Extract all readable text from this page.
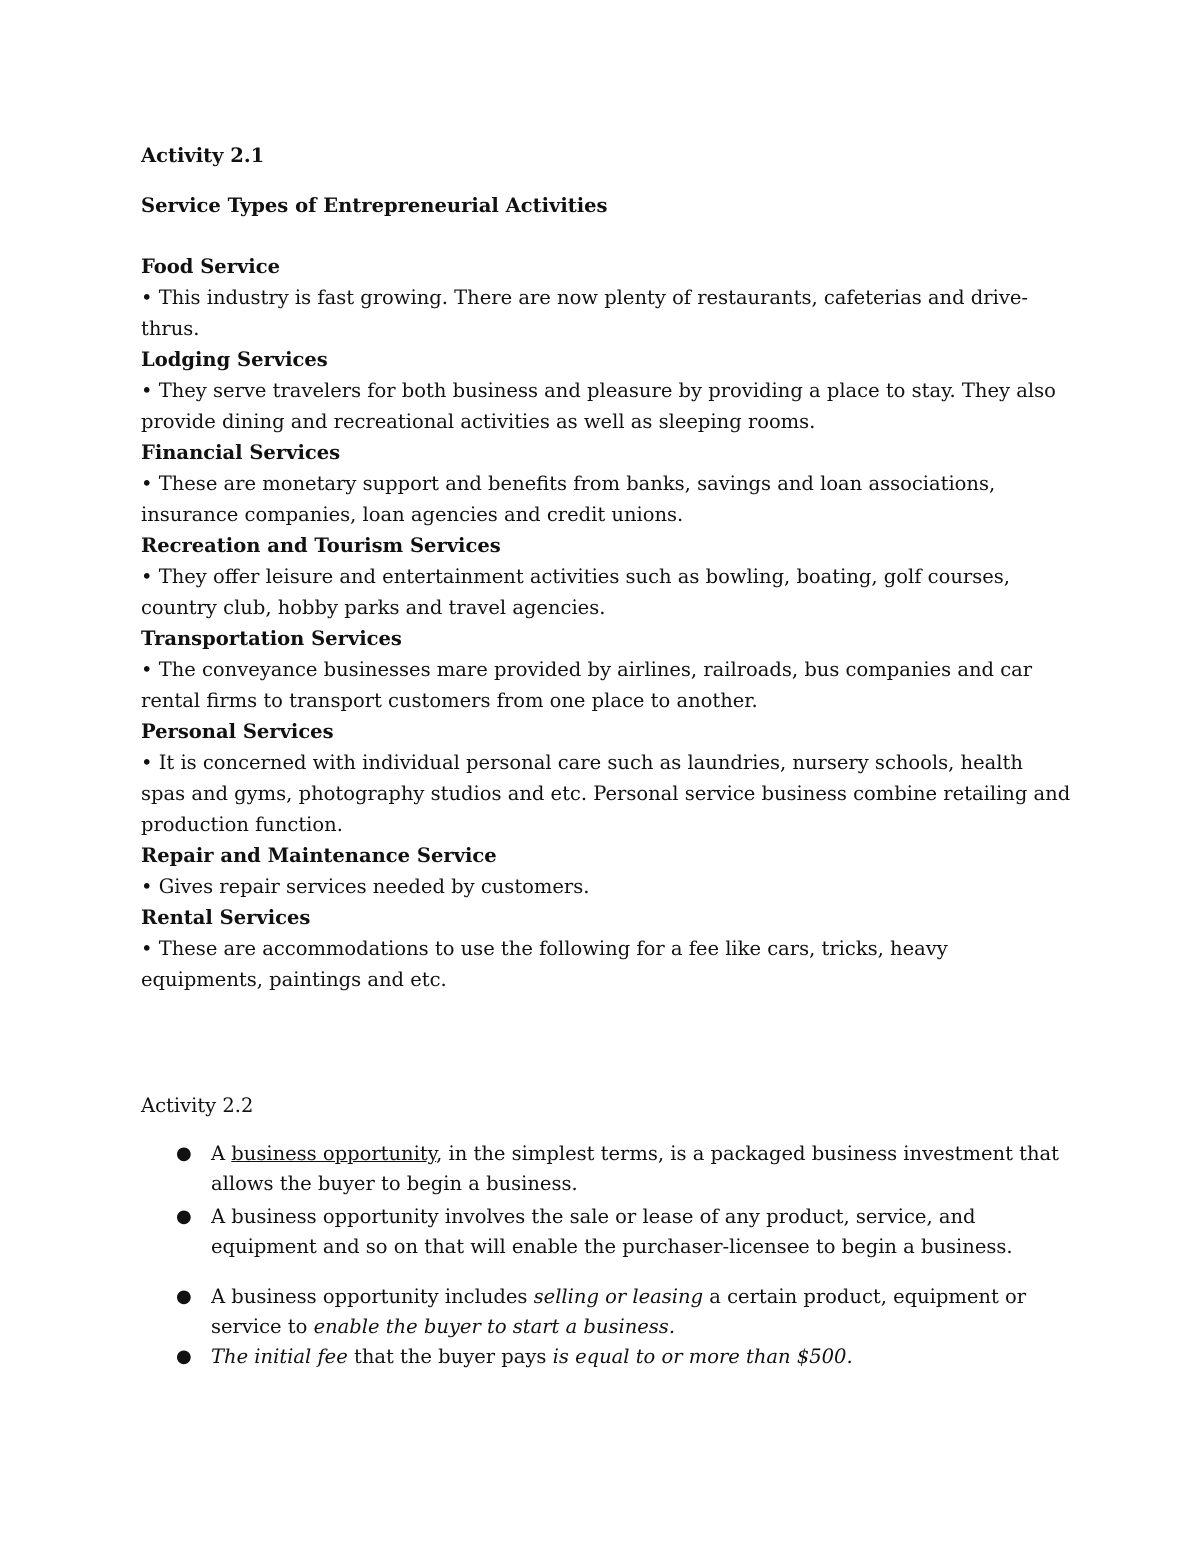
Activity 2.1

Service Types of Entrepreneurial Activities

Food Service

• This industry is fast growing. There are now plenty of restaurants, cafeterias and drive-thrus.

Lodging Services

• They serve travelers for both business and pleasure by providing a place to stay. They also provide dining and recreational activities as well as sleeping rooms.

Financial Services

• These are monetary support and benefits from banks, savings and loan associations, insurance companies, loan agencies and credit unions.

Recreation and Tourism Services

• They offer leisure and entertainment activities such as bowling, boating, golf courses, country club, hobby parks and travel agencies.

Transportation Services

• The conveyance businesses mare provided by airlines, railroads, bus companies and car rental firms to transport customers from one place to another.

Personal Services

• It is concerned with individual personal care such as laundries, nursery schools, health spas and gyms, photography studios and etc. Personal service business combine retailing and production function.

Repair and Maintenance Service

• Gives repair services needed by customers.

Rental Services

• These are accommodations to use the following for a fee like cars, tricks, heavy equipments, paintings and etc.

Activity 2.2

● A business opportunity, in the simplest terms, is a packaged business investment that allows the buyer to begin a business.
● A business opportunity involves the sale or lease of any product, service, and equipment and so on that will enable the purchaser-licensee to begin a business.
● A business opportunity includes selling or leasing a certain product, equipment or service to enable the buyer to start a business.
● The initial fee that the buyer pays is equal to or more than $500.
